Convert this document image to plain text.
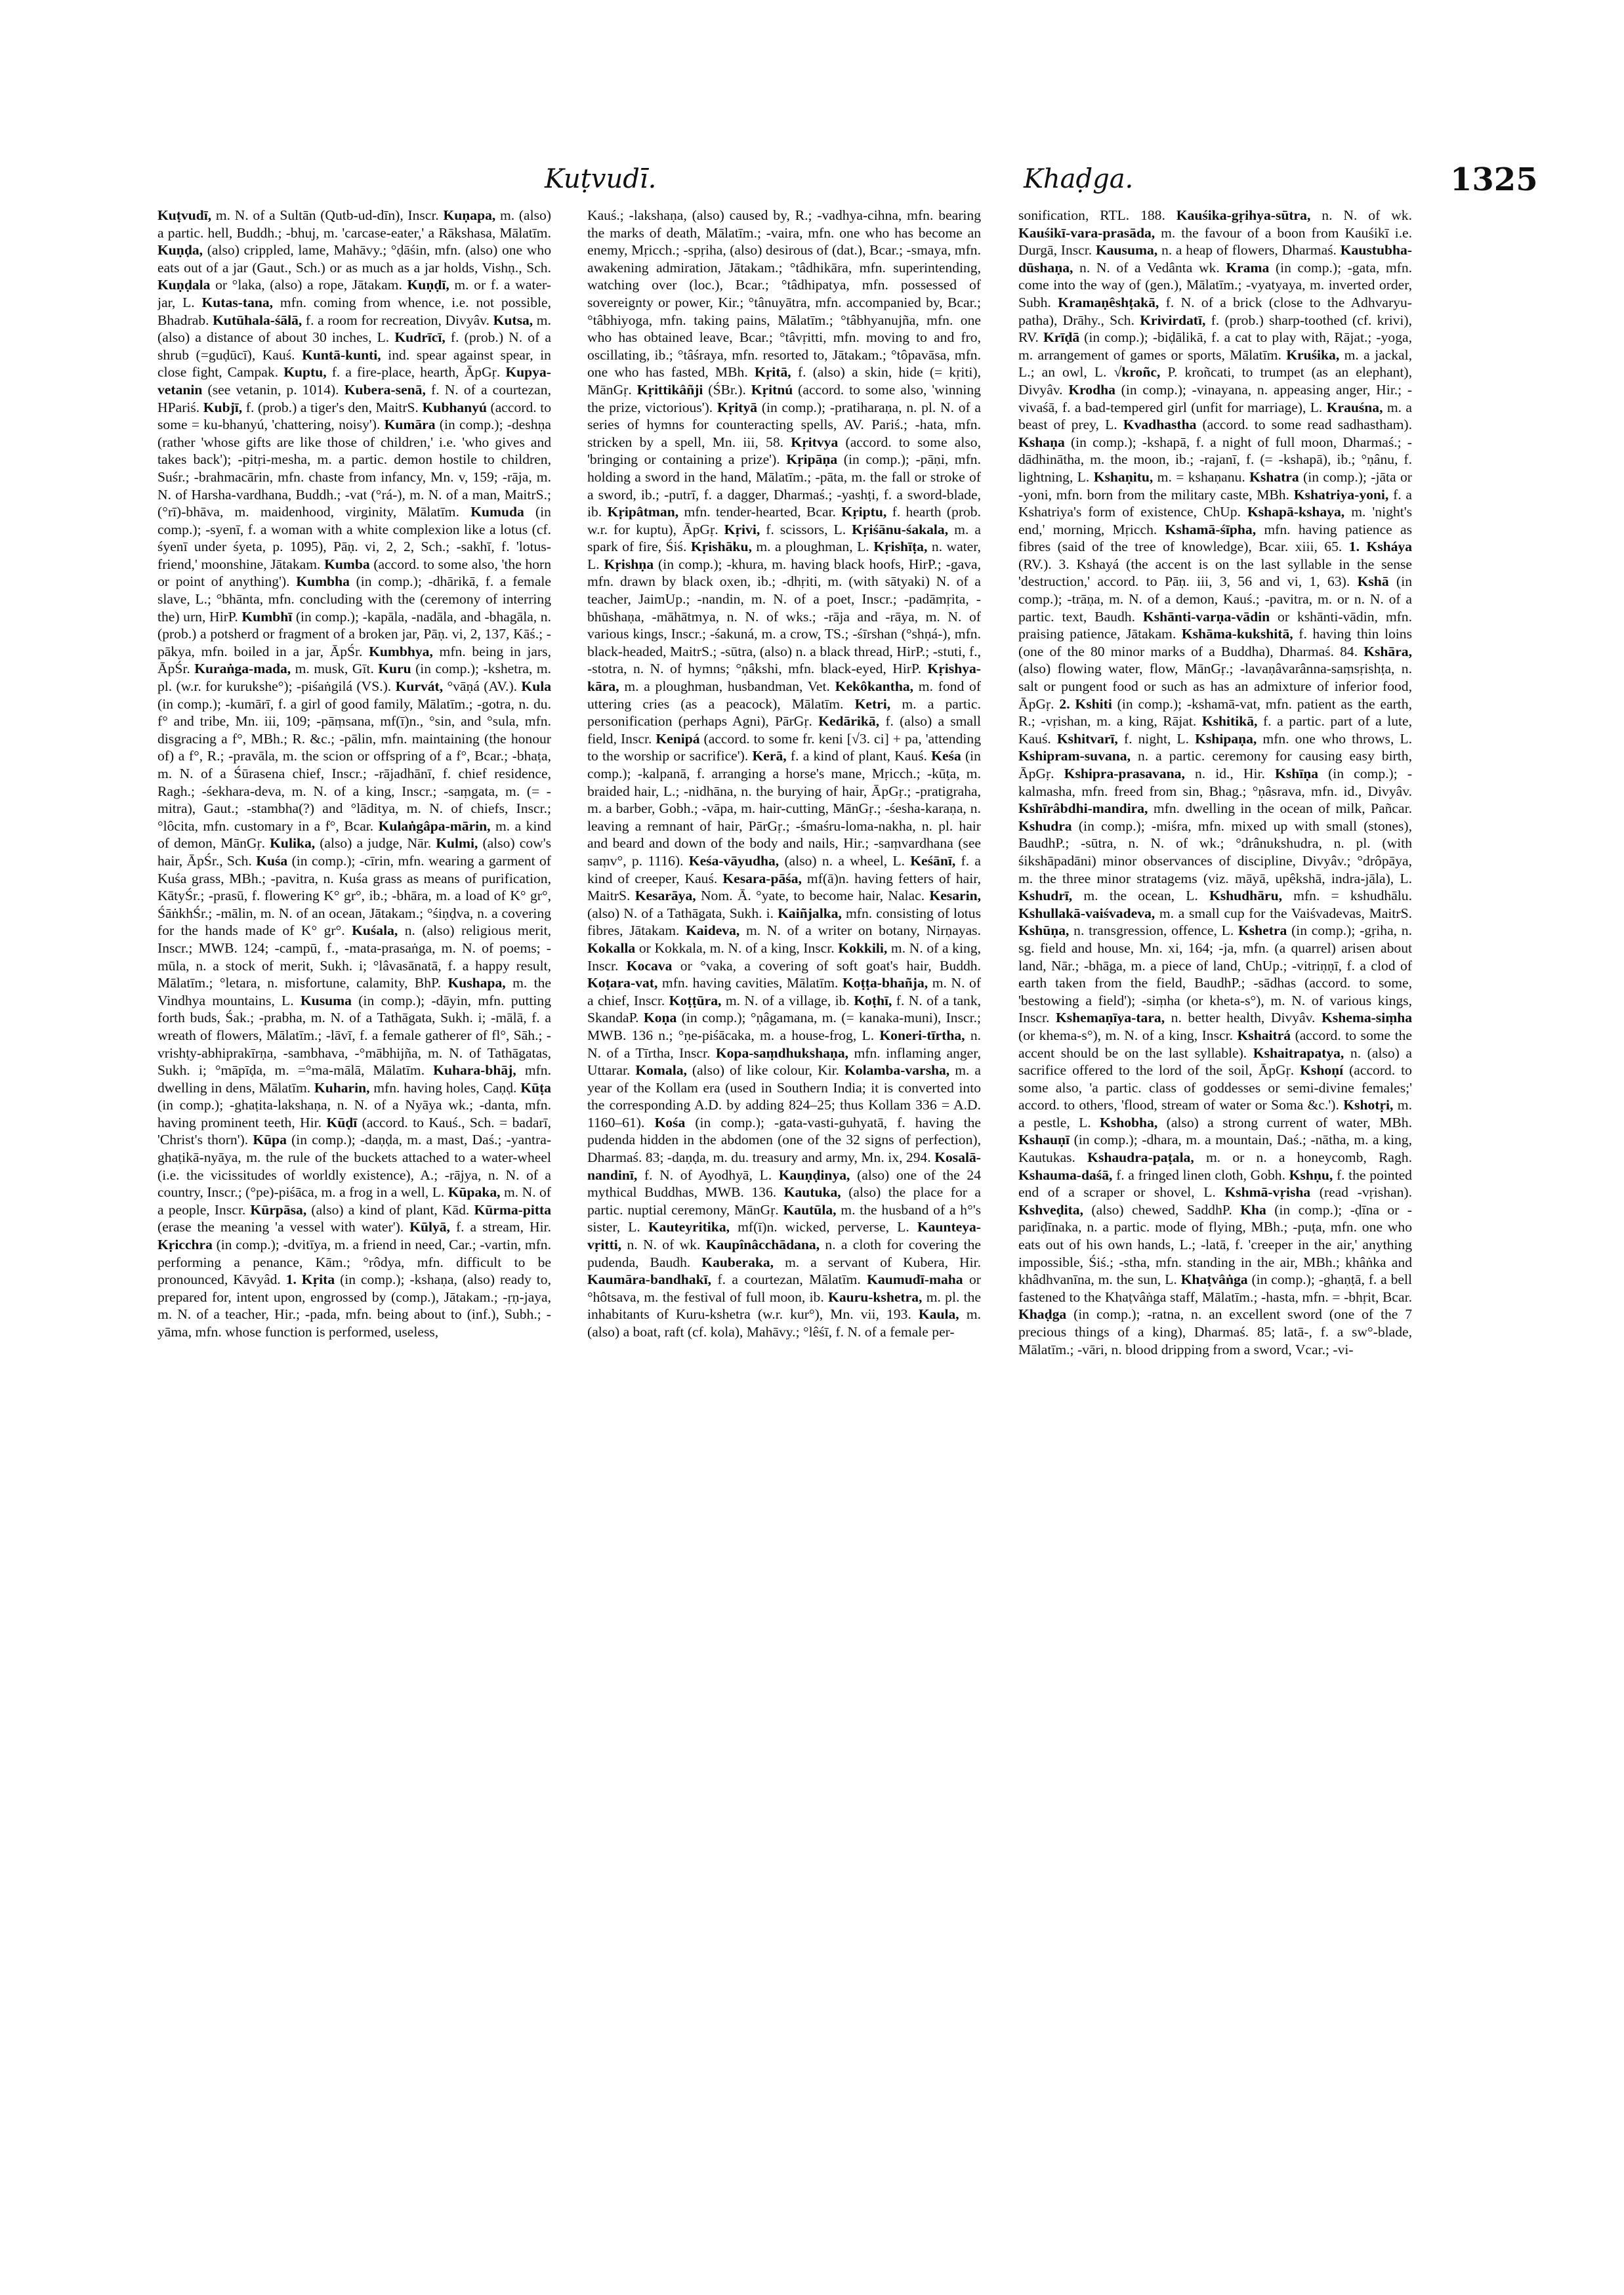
Kuṭvudī.	Khaḍga.	1325
Kuṭvudī, m. N. of a Sultān (Qutb-ud-dīn), Inscr. Kuṇapa, m. (also) a partic. hell, Buddh.; -bhuj, m. 'carcase-eater,' a Rākshasa, Mālatīm. Kuṇḍa, (also) crippled, lame, Mahāvy.; °ḍāśin, mfn. (also) one who eats out of a jar (Gaut., Sch.) or as much as a jar holds, Vishṇ., Sch. Kuṇḍala or °laka, (also) a rope, Jātakam. Kuṇḍī, m. or f. a water-jar, L. Kutas-tana, mfn. coming from whence, i.e. not possible, Bhadrab. Kutūhala-śālā, f. a room for recreation, Divyâv. Kutsa, m. (also) a distance of about 30 inches, L. Kudrīcī, f. (prob.) N. of a shrub (=guḍūcī), Kauś. Kuntā-kunti, ind. spear against spear, in close fight, Campak. Kuptu, f. a fire-place, hearth, ĀpGṛ. Kupya-vetanin (see vetanin, p. 1014). Kubera-senā, f. N. of a courtezan, HPariś. Kubjī, f. (prob.) a tiger's den, MaitrS. Kubhanyú (accord. to some = ku-bhanyú, 'chattering, noisy'). Kumāra (in comp.); -deshṇa (rather 'whose gifts are like those of children,' i.e. 'who gives and takes back'); -pitṛi-mesha, m. a partic. demon hostile to children, Suśr.; -brahmacārin, mfn. chaste from infancy, Mn. v, 159; -rāja, m. N. of Harsha-vardhana, Buddh.; -vat (°rá-), m. N. of a man, MaitrS.; (°rī)-bhāva, m. maidenhood, virginity, Mālatīm. Kumuda (in comp.); -syenī, f. a woman with a white complexion like a lotus (cf. śyenī under śyeta, p. 1095), Pāṇ. vi, 2, 2, Sch.; -sakhī, f. 'lotus-friend,' moonshine, Jātakam. Kumba (accord. to some also, 'the horn or point of anything'). Kumbha (in comp.); -dhārikā, f. a female slave, L.; °bhānta, mfn. concluding with the (ceremony of interring the) urn, HirP. Kumbhī (in comp.); -kapāla, -nadāla, and -bhagāla, n. (prob.) a potsherd or fragment of a broken jar, Pāṇ. vi, 2, 137, Kāś.; -pākya, mfn. boiled in a jar, ĀpŚr. Kumbhya, mfn. being in jars, ĀpŚr. Kuraṅga-mada, m. musk, Gīt. Kuru (in comp.); -kshetra, m. pl. (w.r. for kurukshe°); -piśaṅgilá (VS.). Kurvát, °vāṇá (AV.). Kula (in comp.); -kumārī, f. a girl of good family, Mālatīm.; -gotra, n. du. f° and tribe, Mn. iii, 109; -pāṃsana, mf(ī)n., °sin, and °sula, mfn. disgracing a f°, MBh.; R. &c.; -pālin, mfn. maintaining (the honour of) a f°, R.; -pravāla, m. the scion or offspring of a f°, Bcar.; -bhaṭa, m. N. of a Śūrasena chief, Inscr.; -rājadhānī, f. chief residence, Ragh.; -śekhara-deva, m. N. of a king, Inscr.; -saṃgata, m. (= -mitra), Gaut.; -stambha(?) and °lāditya, m. N. of chiefs, Inscr.; °lôcita, mfn. customary in a f°, Bcar. Kulaṅgâpa-mārin, m. a kind of demon, MānGṛ. Kulika, (also) a judge, Nār. Kulmi, (also) cow's hair, ĀpŚr., Sch. Kuśa (in comp.); -cīrin, mfn. wearing a garment of Kuśa grass, MBh.; -pavitra, n. Kuśa grass as means of purification, KātyŚr.; -prasū, f. flowering K° gr°, ib.; -bhāra, m. a load of K° gr°, ŚāṅkhŚr.; -mālin, m. N. of an ocean, Jātakam.; °śiṇḍva, n. a covering for the hands made of K° gr°. Kuśala, n. (also) religious merit, Inscr.; MWB. 124; -campū, f., -mata-prasaṅga, m. N. of poems; -mūla, n. a stock of merit, Sukh. i; °lâvasānatā, f. a happy result, Mālatīm.; °letara, n. misfortune, calamity, BhP. Kushapa, m. the Vindhya mountains, L. Kusuma (in comp.); -dāyin, mfn. putting forth buds, Śak.; -prabha, m. N. of a Tathāgata, Sukh. i; -mālā, f. a wreath of flowers, Mālatīm.; -lāvī, f. a female gatherer of fl°, Sāh.; -vrishṭy-abhiprakīrṇa, -sambhava, -°mābhijña, m. N. of Tathāgatas, Sukh. i; °māpīḍa, m. =°ma-mālā, Mālatīm. Kuhara-bhāj, mfn. dwelling in dens, Mālatīm. Kuharin, mfn. having holes, Caṇḍ. Kūṭa (in comp.); -ghaṭita-lakshaṇa, n. N. of a Nyāya wk.; -danta, mfn. having prominent teeth, Hir. Kūḍī (accord. to Kauś., Sch. = badarī, 'Christ's thorn'). Kūpa (in comp.); -daṇḍa, m. a mast, Daś.; -yantra-ghaṭikā-nyāya, m. the rule of the buckets attached to a water-wheel (i.e. the vicissitudes of worldly existence), A.; -rājya, n. N. of a country, Inscr.; (°pe)-piśāca, m. a frog in a well, L. Kūpaka, m. N. of a people, Inscr. Kūrpāsa, (also) a kind of plant, Kād. Kūrma-pitta (erase the meaning 'a vessel with water'). Kūlyā, f. a stream, Hir. Kṛicchra (in comp.); -dvitīya, m. a friend in need, Car.; -vartin, mfn. performing a penance, Kām.; °rôdya, mfn. difficult to be pronounced, Kāvyâd. 1. Kṛita (in comp.); -kshaṇa, (also) ready to, prepared for, intent upon, engrossed by (comp.), Jātakam.; -ṛṇ-jaya, m. N. of a teacher, Hir.; -pada, mfn. being about to (inf.), Subh.; -yāma, mfn. whose function is performed, useless,
Kauś.; -lakshaṇa, (also) caused by, R.; -vadhya-cihna, mfn. bearing the marks of death, Mālatīm.; -vaira, mfn. one who has become an enemy, Mṛicch.; -spṛiha, (also) desirous of (dat.), Bcar.; -smaya, mfn. awakening admiration, Jātakam.; °tâdhikāra, mfn. superintending, watching over (loc.), Bcar.; °tâdhipatya, mfn. possessed of sovereignty or power, Kir.; °tânuyātra, mfn. accompanied by, Bcar.; °tâbhiyoga, mfn. taking pains, Mālatīm.; °tâbhyanujña, mfn. one who has obtained leave, Bcar.; °tâvṛitti, mfn. moving to and fro, oscillating, ib.; °tâśraya, mfn. resorted to, Jātakam.; °tôpavāsa, mfn. one who has fasted, MBh. Kṛitā, f. (also) a skin, hide (= kṛiti), MānGṛ. Kṛittikâñji (ŚBr.). Kṛitnú (accord. to some also, 'winning the prize, victorious'). Kṛityā (in comp.); -pratiharaṇa, n. pl. N. of a series of hymns for counteracting spells, AV. Pariś.; -hata, mfn. stricken by a spell, Mn. iii, 58. Kṛitvya (accord. to some also, 'bringing or containing a prize'). Kṛipāṇa (in comp.); -pāṇi, mfn. holding a sword in the hand, Mālatīm.; -pāta, m. the fall or stroke of a sword, ib.; -putrī, f. a dagger, Dharmaś.; -yashṭi, f. a sword-blade, ib. Kṛipâtman, mfn. tender-hearted, Bcar. Kṛiptu, f. hearth (prob. w.r. for kuptu), ĀpGṛ. Kṛivi, f. scissors, L. Kṛiśānu-śakala, m. a spark of fire, Śiś. Kṛishāku, m. a ploughman, L. Kṛishīṭa, n. water, L. Kṛishṇa (in comp.); -khura, m. having black hoofs, HirP.; -gava, mfn. drawn by black oxen, ib.; -dhṛiti, m. (with sātyaki) N. of a teacher, JaimUp.; -nandin, m. N. of a poet, Inscr.; -padāmṛita, -bhūshaṇa, -māhātmya, n. N. of wks.; -rāja and -rāya, m. N. of various kings, Inscr.; -śakuná, m. a crow, TS.; -śīrshan (°shṇá-), mfn. black-headed, MaitrS.; -sūtra, (also) n. a black thread, HirP.; -stuti, f., -stotra, n. N. of hymns; °ṇâkshi, mfn. black-eyed, HirP. Kṛishya-kāra, m. a ploughman, husbandman, Vet. Kekôkantha, m. fond of uttering cries (as a peacock), Mālatīm. Ketri, m. a partic. personification (perhaps Agni), PārGṛ. Kedārikā, f. (also) a small field, Inscr. Kenipá (accord. to some fr. keni [√3. ci] + pa, 'attending to the worship or sacrifice'). Kerā, f. a kind of plant, Kauś. Keśa (in comp.); -kalpanā, f. arranging a horse's mane, Mṛicch.; -kūṭa, m. braided hair, L.; -nidhāna, n. the burying of hair, ĀpGṛ.; -pratigraha, m. a barber, Gobh.; -vāpa, m. hair-cutting, MānGṛ.; -śesha-karaṇa, n. leaving a remnant of hair, PārGṛ.; -śmaśru-loma-nakha, n. pl. hair and beard and down of the body and nails, Hir.; -saṃvardhana (see saṃv°, p. 1116). Keśa-vāyudha, (also) n. a wheel, L. Keśānī, f. a kind of creeper, Kauś. Kesara-pāśa, mf(ā)n. having fetters of hair, MaitrS. Kesarāya, Nom. Ā. °yate, to become hair, Nalac. Kesarin, (also) N. of a Tathāgata, Sukh. i. Kaiñjalka, mfn. consisting of lotus fibres, Jātakam. Kaideva, m. N. of a writer on botany, Nirṇayas. Kokalla or Kokkala, m. N. of a king, Inscr. Kokkili, m. N. of a king, Inscr. Kocava or °vaka, a covering of soft goat's hair, Buddh. Koṭara-vat, mfn. having cavities, Mālatīm. Koṭṭa-bhañja, m. N. of a chief, Inscr. Koṭṭūra, m. N. of a village, ib. Koṭhī, f. N. of a tank, SkandaP. Koṇa (in comp.); °ṇâgamana, m. (= kanaka-muni), Inscr.; MWB. 136 n.; °ṇe-piśācaka, m. a house-frog, L. Koneri-tīrtha, n. N. of a Tīrtha, Inscr. Kopa-saṃdhukshaṇa, mfn. inflaming anger, Uttarar. Komala, (also) of like colour, Kir. Kolamba-varsha, m. a year of the Kollam era (used in Southern India; it is converted into the corresponding A.D. by adding 824–25; thus Kollam 336 = A.D. 1160–61). Kośa (in comp.); -gata-vasti-guhyatā, f. having the pudenda hidden in the abdomen (one of the 32 signs of perfection), Dharmaś. 83; -daṇḍa, m. du. treasury and army, Mn. ix, 294. Kosalā-nandinī, f. N. of Ayodhyā, L. Kauṇḍinya, (also) one of the 24 mythical Buddhas, MWB. 136. Kautuka, (also) the place for a partic. nuptial ceremony, MānGṛ. Kautūla, m. the husband of a h°'s sister, L. Kauteyritika, mf(ī)n. wicked, perverse, L. Kaunteya-vṛitti, n. N. of wk. Kaupînâcchādana, n. a cloth for covering the pudenda, Baudh. Kauberaka, m. a servant of Kubera, Hir. Kaumāra-bandhakī, f. a courtezan, Mālatīm. Kaumudī-maha or °hôtsava, m. the festival of full moon, ib. Kauru-kshetra, m. pl. the inhabitants of Kuru-kshetra (w.r. kur°), Mn. vii, 193. Kaula, m. (also) a boat, raft (cf. kola), Mahāvy.; °lêśī, f. N. of a female per-
sonification, RTL. 188. Kauśika-gṛihya-sūtra, n. N. of wk. Kauśikī-vara-prasāda, m. the favour of a boon from Kauśikī i.e. Durgā, Inscr. Kausuma, n. a heap of flowers, Dharmaś. Kaustubha-dūshaṇa, n. N. of a Vedânta wk. Krama (in comp.); -gata, mfn. come into the way of (gen.), Mālatīm.; -vyatyaya, m. inverted order, Subh. Kramaṇêshṭakā, f. N. of a brick (close to the Adhvaryu-patha), Drāhy., Sch. Krivirdatī, f. (prob.) sharp-toothed (cf. krivi), RV. Krīḍā (in comp.); -biḍālikā, f. a cat to play with, Rājat.; -yoga, m. arrangement of games or sports, Mālatīm. Kruśika, m. a jackal, L.; an owl, L. √kroñc, P. kroñcati, to trumpet (as an elephant), Divyâv. Krodha (in comp.); -vinayana, n. appeasing anger, Hir.; -vivaśā, f. a bad-tempered girl (unfit for marriage), L. Krauśna, m. a beast of prey, L. Kvadhastha (accord. to some read sadhastham). Kshaṇa (in comp.); -kshapā, f. a night of full moon, Dharmaś.; -dādhinātha, m. the moon, ib.; -rajanī, f. (= -kshapā), ib.; °ṇânu, f. lightning, L. Kshaṇitu, m. = kshaṇanu. Kshatra (in comp.); -jāta or -yoni, mfn. born from the military caste, MBh. Kshatriya-yoni, f. a Kshatriya's form of existence, ChUp. Kshapā-kshaya, m. 'night's end,' morning, Mṛicch. Kshamā-śīpha, mfn. having patience as fibres (said of the tree of knowledge), Bcar. xiii, 65. 1. Ksháya (RV.). 3. Kshayá (the accent is on the last syllable in the sense 'destruction,' accord. to Pāṇ. iii, 3, 56 and vi, 1, 63). Kshā (in comp.); -trāṇa, m. N. of a demon, Kauś.; -pavitra, m. or n. N. of a partic. text, Baudh. Kshānti-varṇa-vādin or kshānti-vādin, mfn. praising patience, Jātakam. Kshāma-kukshitā, f. having thin loins (one of the 80 minor marks of a Buddha), Dharmaś. 84. Kshāra, (also) flowing water, flow, MānGṛ.; -lavaṇâvarânna-saṃsṛishṭa, n. salt or pungent food or such as has an admixture of inferior food, ĀpGṛ. 2. Kshiti (in comp.); -kshamā-vat, mfn. patient as the earth, R.; -vṛishan, m. a king, Rājat. Kshitikā, f. a partic. part of a lute, Kauś. Kshitvarī, f. night, L. Kshipaṇa, mfn. one who throws, L. Kshipram-suvana, n. a partic. ceremony for causing easy birth, ĀpGṛ. Kshipra-prasavana, n. id., Hir. Kshīṇa (in comp.); -kalmasha, mfn. freed from sin, Bhag.; °ṇâsrava, mfn. id., Divyâv. Kshīrâbdhi-mandira, mfn. dwelling in the ocean of milk, Pañcar. Kshudra (in comp.); -miśra, mfn. mixed up with small (stones), BaudhP.; -sūtra, n. N. of wk.; °drânukshudra, n. pl. (with śikshāpadāni) minor observances of discipline, Divyâv.; °drôpāya, m. the three minor stratagems (viz. māyā, upêkshā, indra-jāla), L. Kshudrī, m. the ocean, L. Kshudhāru, mfn. = kshudhālu. Kshullakā-vaiśvadeva, m. a small cup for the Vaiśvadevas, MaitrS. Kshūṇa, n. transgression, offence, L. Kshetra (in comp.); -gṛiha, n. sg. field and house, Mn. xi, 164; -ja, mfn. (a quarrel) arisen about land, Nār.; -bhāga, m. a piece of land, ChUp.; -vitriṇṇī, f. a clod of earth taken from the field, BaudhP.; -sādhas (accord. to some, 'bestowing a field'); -siṃha (or kheta-s°), m. N. of various kings, Inscr. Kshemaṇīya-tara, n. better health, Divyâv. Kshema-siṃha (or khema-s°), m. N. of a king, Inscr. Kshaitrá (accord. to some the accent should be on the last syllable). Kshaitrapatya, n. (also) a sacrifice offered to the lord of the soil, ĀpGṛ. Kshoṇí (accord. to some also, 'a partic. class of goddesses or semi-divine females;' accord. to others, 'flood, stream of water or Soma &c.'). Kshotṛi, m. a pestle, L. Kshobha, (also) a strong current of water, MBh. Kshauṇī (in comp.); -dhara, m. a mountain, Daś.; -nātha, m. a king, Kautukas. Kshaudra-paṭala, m. or n. a honeycomb, Ragh. Kshauma-daśā, f. a fringed linen cloth, Gobh. Kshṇu, f. the pointed end of a scraper or shovel, L. Kshmā-vṛisha (read -vṛishan). Kshveḍita, (also) chewed, SaddhP. Kha (in comp.); -ḍīna or -pariḍīnaka, n. a partic. mode of flying, MBh.; -puṭa, mfn. one who eats out of his own hands, L.; -latā, f. 'creeper in the air,' anything impossible, Śiś.; -stha, mfn. standing in the air, MBh.; khâṅka and khâdhvanīna, m. the sun, L. Khaṭvâṅga (in comp.); -ghaṇṭā, f. a bell fastened to the Khaṭvâṅga staff, Mālatīm.; -hasta, mfn. = -bhṛit, Bcar. Khaḍga (in comp.); -ratna, n. an excellent sword (one of the 7 precious things of a king), Dharmaś. 85; latā-, f. a sw°-blade, Mālatīm.; -vāri, n. blood dripping from a sword, Vcar.; -vi-
